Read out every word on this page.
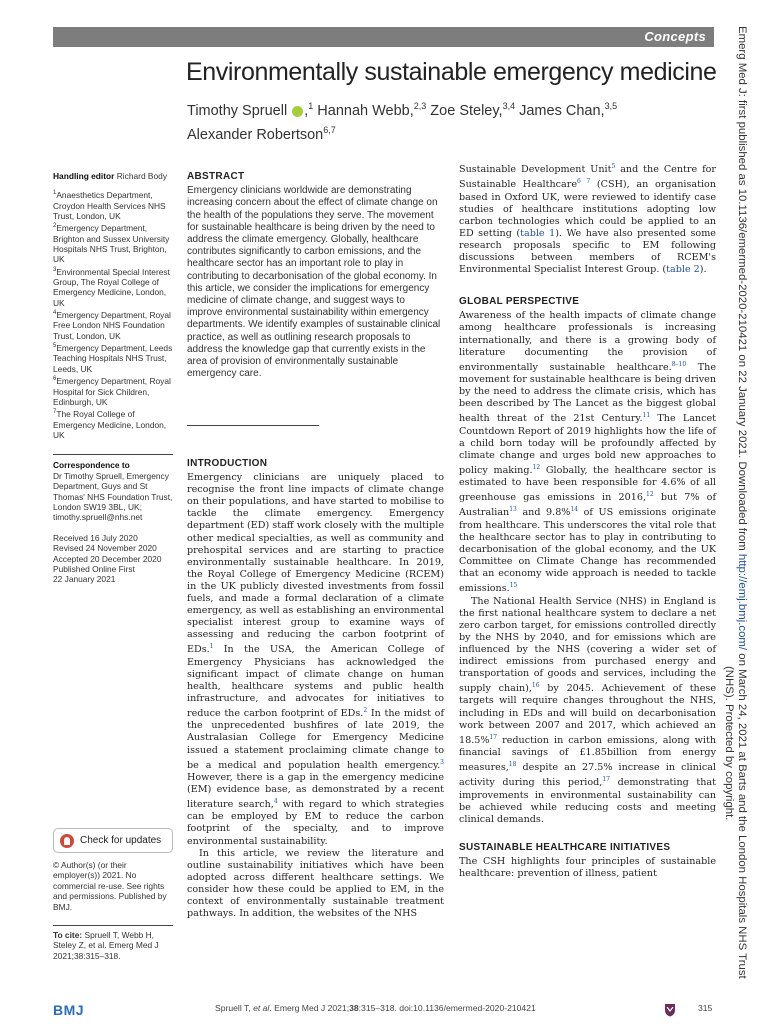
Concepts
Environmentally sustainable emergency medicine
Timothy Spruell ,$^1$ Hannah Webb,$^{2,3}$ Zoe Steley,$^{3,4}$ James Chan,$^{3,5}$
Alexander Robertson$^{6,7}$

Handling editor Richard Body

$^1$Anaesthetics Department, Croydon Health Services NHS Trust, London, UK

$^2$Emergency Department, Brighton and Sussex University Hospitals NHS Trust, Brighton, UK

$^3$Environmental Special Interest Group, The Royal College of Emergency Medicine, London, UK

$^4$Emergency Department, Royal Free London NHS Foundation Trust, London, UK

$^5$Emergency Department, Leeds Teaching Hospitals NHS Trust, Leeds, UK

$^6$Emergency Department, Royal Hospital for Sick Children, Edinburgh, UK

$^7$The Royal College of Emergency Medicine, London, UK

Correspondence to

Dr Timothy Spruell, Emergency Department, Guys and St Thomas' NHS Foundation Trust, London SW19 3BL, UK; timothy.spruell@nhs.net

Received 16 July 2020

Revised 24 November 2020

Accepted 20 December 2020

Published Online First

22 January 2021

Check for updates
© Author(s) (or their employer(s)) 2021. No commercial re-use. See rights and permissions. Published by BMJ.
To cite: Spruell T, Webb H, Steley Z, et al. Emerg Med J 2021;38:315–318.
ABSTRACT

Emergency clinicians worldwide are demonstrating increasing concern about the effect of climate change on the health of the populations they serve. The movement for sustainable healthcare is being driven by the need to address the climate emergency. Globally, healthcare contributes significantly to carbon emissions, and the healthcare sector has an important role to play in contributing to decarbonisation of the global economy. In this article, we consider the implications for emergency medicine of climate change, and suggest ways to improve environmental sustainability within emergency departments. We identify examples of sustainable clinical practice, as well as outlining research proposals to address the knowledge gap that currently exists in the area of provision of environmentally sustainable emergency care.

INTRODUCTION

Emergency clinicians are uniquely placed to recognise the front line impacts of climate change on their populations, and have started to mobilise to tackle the climate emergency. Emergency department (ED) staff work closely with the multiple other medical specialties, as well as community and prehospital services and are starting to practice environmentally sustainable healthcare. In 2019, the Royal College of Emergency Medicine (RCEM) in the UK publicly divested investments from fossil fuels, and made a formal declaration of a climate emergency, as well as establishing an environmental specialist interest group to examine ways of assessing and reducing the carbon footprint of EDs.$^1$ In the USA, the American College of Emergency Physicians has acknowledged the significant impact of climate change on human health, healthcare systems and public health infrastructure, and advocates for initiatives to reduce the carbon footprint of EDs.$^2$ In the midst of the unprecedented bushfires of late 2019, the Australasian College for Emergency Medicine issued a statement proclaiming climate change to be a medical and population health emergency.$^3$ However, there is a gap in the emergency medicine (EM) evidence base, as demonstrated by a recent literature search,$^4$ with regard to which strategies can be employed by EM to reduce the carbon footprint of the specialty, and to improve environmental sustainability.

In this article, we review the literature and outline sustainability initiatives which have been adopted across different healthcare settings. We consider how these could be applied to EM, in the context of environmentally sustainable treatment pathways. In addition, the websites of the NHS

Sustainable Development Unit$^5$ and the Centre for Sustainable Healthcare$^{6 7}$ (CSH), an organisation based in Oxford UK, were reviewed to identify case studies of healthcare institutions adopting low carbon technologies which could be applied to an ED setting (table 1). We have also presented some research proposals specific to EM following discussions between members of RCEM's Environmental Specialist Interest Group. (table 2).

GLOBAL PERSPECTIVE

Awareness of the health impacts of climate change among healthcare professionals is increasing internationally, and there is a growing body of literature documenting the provision of environmentally sustainable healthcare.$^{8-10}$ The movement for sustainable healthcare is being driven by the need to address the climate crisis, which has been described by The Lancet as the biggest global health threat of the 21st Century.$^{11}$ The Lancet Countdown Report of 2019 highlights how the life of a child born today will be profoundly affected by climate change and urges bold new approaches to policy making.$^{12}$ Globally, the healthcare sector is estimated to have been responsible for 4.6% of all greenhouse gas emissions in 2016,12 but 7% of Australian$^{13}$ and 9.8%$^{14}$ of US emissions originate from healthcare. This underscores the vital role that the healthcare sector has to play in contributing to decarbonisation of the global economy, and the UK Committee on Climate Change has recommended that an economy wide approach is needed to tackle emissions.$^{15}$

The National Health Service (NHS) in England is the first national healthcare system to declare a net zero carbon target, for emissions controlled directly by the NHS by 2040, and for emissions which are influenced by the NHS (covering a wider set of indirect emissions from purchased energy and transportation of goods and services, including the supply chain),$^{16}$ by 2045. Achievement of these targets will require changes throughout the NHS, including in EDs and will build on decarbonisation work between 2007 and 2017, which achieved an 18.5%$^{17}$ reduction in carbon emissions, along with financial savings of £1.85billion from energy measures,$^{18}$ despite an 27.5% increase in clinical activity during this period,$^{17}$ demonstrating that improvements in environmental sustainability can be achieved while reducing costs and meeting clinical demands.

SUSTAINABLE HEALTHCARE INITIATIVES

The CSH highlights four principles of sustainable healthcare: prevention of illness, patient

BMJ	Spruell T, et al. Emerg Med J 2021;38:315–318. doi:10.1136/emermed-2020-210421	315
Emerg Med J: first published as 10.1136/emermed-2020-210421 on 22 January 2021. Downloaded from http://emj.bmj.com/ on March 24, 2021 at Barts and the London Hospitals NHS Trust
(NHS). Protected by copyright.
